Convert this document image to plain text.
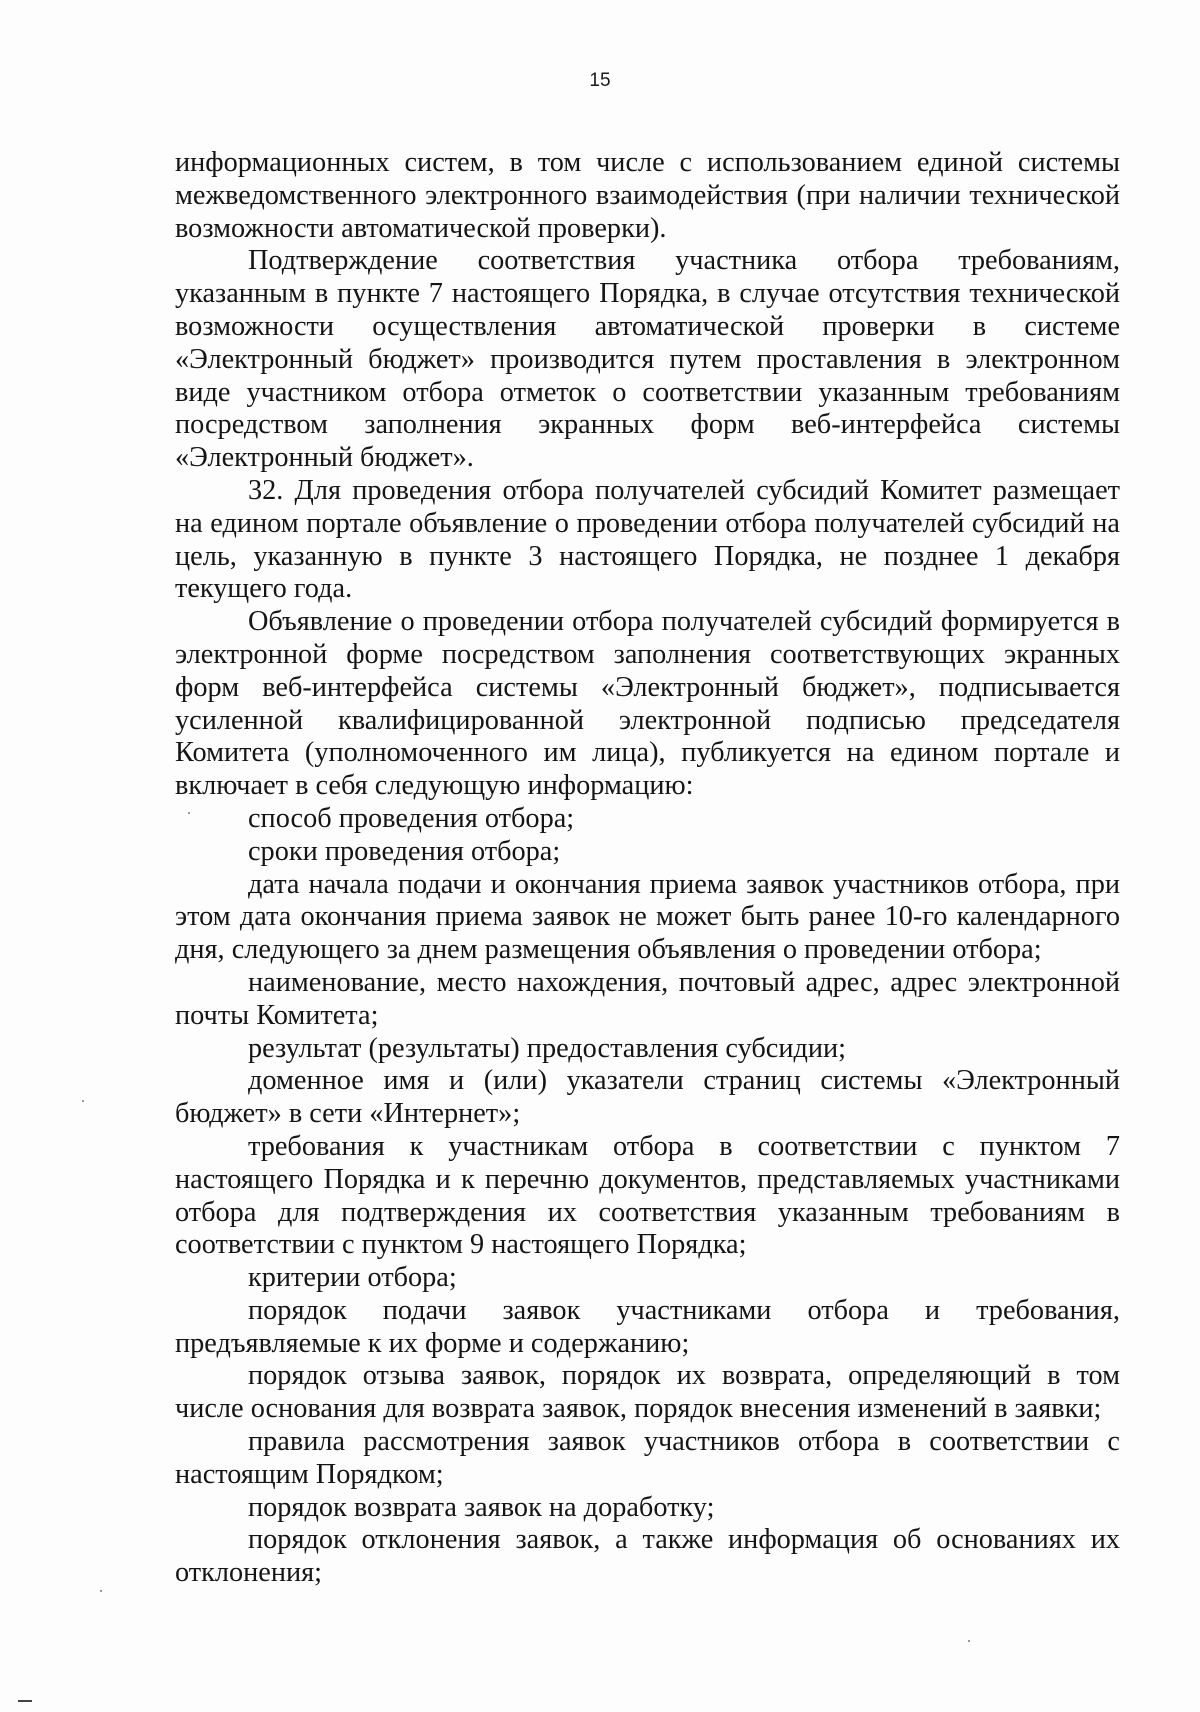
15

информационных систем, в том числе с использованием единой системы межведомственного электронного взаимодействия (при наличии технической возможности автоматической проверки).

Подтверждение соответствия участника отбора требованиям, указанным в пункте 7 настоящего Порядка, в случае отсутствия технической возможности осуществления автоматической проверки в системе «Электронный бюджет» производится путем проставления в электронном виде участником отбора отметок о соответствии указанным требованиям посредством заполнения экранных форм веб-интерфейса системы «Электронный бюджет».

32. Для проведения отбора получателей субсидий Комитет размещает на едином портале объявление о проведении отбора получателей субсидий на цель, указанную в пункте 3 настоящего Порядка, не позднее 1 декабря текущего года.

Объявление о проведении отбора получателей субсидий формируется в электронной форме посредством заполнения соответствующих экранных форм веб-интерфейса системы «Электронный бюджет», подписывается усиленной квалифицированной электронной подписью председателя Комитета (уполномоченного им лица), публикуется на едином портале и включает в себя следующую информацию:

способ проведения отбора;

сроки проведения отбора;

дата начала подачи и окончания приема заявок участников отбора, при этом дата окончания приема заявок не может быть ранее 10-го календарного дня, следующего за днем размещения объявления о проведении отбора;

наименование, место нахождения, почтовый адрес, адрес электронной почты Комитета;

результат (результаты) предоставления субсидии;

доменное имя и (или) указатели страниц системы «Электронный бюджет» в сети «Интернет»;

требования к участникам отбора в соответствии с пунктом 7 настоящего Порядка и к перечню документов, представляемых участниками отбора для подтверждения их соответствия указанным требованиям в соответствии с пунктом 9 настоящего Порядка;

критерии отбора;

порядок подачи заявок участниками отбора и требования, предъявляемые к их форме и содержанию;

порядок отзыва заявок, порядок их возврата, определяющий в том числе основания для возврата заявок, порядок внесения изменений в заявки;

правила рассмотрения заявок участников отбора в соответствии с настоящим Порядком;

порядок возврата заявок на доработку;

порядок отклонения заявок, а также информация об основаниях их отклонения;
